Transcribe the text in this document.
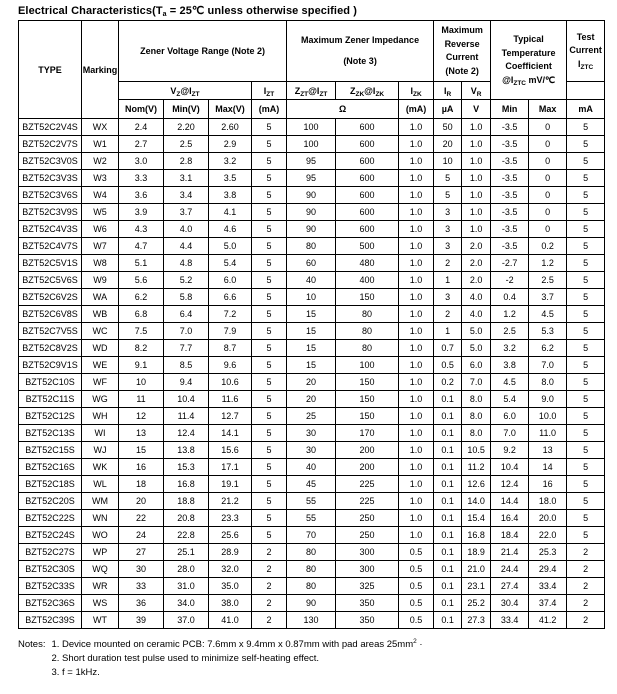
Electrical $Characteristics(T_a$ = 25℃ unless otherwise specified )
TYPE	Marking	Zener Voltage Range (Note 2)	
Maximum Zener Impedance
(Note 3)

Maximum
Reverse
Current
(Note 2)

Typical
Temperature
Coefficient
$@I_{ZTC}$ mV/℃

Test
Current
$I_{ZTC}$

		$V_Z@I_{ZT}$			$I_{ZT}$	$Z_{ZT}@I_{ZT}$	$Z_{ZK}@I_{ZK}$	$I_{ZK}$	$I_R$	$V_R$	
		Nom(V)	Min(V)	Max(V)	(mA)	Ω		(mA)	µA	V	Min	Max	mA
BZT52C2V4S	WX	2.4	2.20	2.60	5	100	600	1.0	50	1.0	-3.5	0	5
BZT52C2V7S	W1	2.7	2.5	2.9	5	100	600	1.0	20	1.0	-3.5	0	5
BZT52C3V0S	W2	3.0	2.8	3.2	5	95	600	1.0	10	1.0	-3.5	0	5
BZT52C3V3S	W3	3.3	3.1	3.5	5	95	600	1.0	5	1.0	-3.5	0	5
BZT52C3V6S	W4	3.6	3.4	3.8	5	90	600	1.0	5	1.0	-3.5	0	5
BZT52C3V9S	W5	3.9	3.7	4.1	5	90	600	1.0	3	1.0	-3.5	0	5
BZT52C4V3S	W6	4.3	4.0	4.6	5	90	600	1.0	3	1.0	-3.5	0	5
BZT52C4V7S	W7	4.7	4.4	5.0	5	80	500	1.0	3	2.0	-3.5	0.2	5
BZT52C5V1S	W8	5.1	4.8	5.4	5	60	480	1.0	2	2.0	-2.7	1.2	5
BZT52C5V6S	W9	5.6	5.2	6.0	5	40	400	1.0	1	2.0	-2	2.5	5
BZT52C6V2S	WA	6.2	5.8	6.6	5	10	150	1.0	3	4.0	0.4	3.7	5
BZT52C6V8S	WB	6.8	6.4	7.2	5	15	80	1.0	2	4.0	1.2	4.5	5
BZT52C7V5S	WC	7.5	7.0	7.9	5	15	80	1.0	1	5.0	2.5	5.3	5
BZT52C8V2S	WD	8.2	7.7	8.7	5	15	80	1.0	0.7	5.0	3.2	6.2	5
BZT52C9V1S	WE	9.1	8.5	9.6	5	15	100	1.0	0.5	6.0	3.8	7.0	5
BZT52C10S	WF	10	9.4	10.6	5	20	150	1.0	0.2	7.0	4.5	8.0	5
BZT52C11S	WG	11	10.4	11.6	5	20	150	1.0	0.1	8.0	5.4	9.0	5
BZT52C12S	WH	12	11.4	12.7	5	25	150	1.0	0.1	8.0	6.0	10.0	5
BZT52C13S	WI	13	12.4	14.1	5	30	170	1.0	0.1	8.0	7.0	11.0	5
BZT52C15S	WJ	15	13.8	15.6	5	30	200	1.0	0.1	10.5	9.2	13	5
BZT52C16S	WK	16	15.3	17.1	5	40	200	1.0	0.1	11.2	10.4	14	5
BZT52C18S	WL	18	16.8	19.1	5	45	225	1.0	0.1	12.6	12.4	16	5
BZT52C20S	WM	20	18.8	21.2	5	55	225	1.0	0.1	14.0	14.4	18.0	5
BZT52C22S	WN	22	20.8	23.3	5	55	250	1.0	0.1	15.4	16.4	20.0	5
BZT52C24S	WO	24	22.8	25.6	5	70	250	1.0	0.1	16.8	18.4	22.0	5
BZT52C27S	WP	27	25.1	28.9	2	80	300	0.5	0.1	18.9	21.4	25.3	2
BZT52C30S	WQ	30	28.0	32.0	2	80	300	0.5	0.1	21.0	24.4	29.4	2
BZT52C33S	WR	33	31.0	35.0	2	80	325	0.5	0.1	23.1	27.4	33.4	2
BZT52C36S	WS	36	34.0	38.0	2	90	350	0.5	0.1	25.2	30.4	37.4	2
BZT52C39S	WT	39	37.0	41.0	2	130	350	0.5	0.1	27.3	33.4	41.2	2
Notes: 1. Device mounted on ceramic PCB: 7.6mm x 9.4mm x 0.87mm with pad areas $25mm^2$ ·
2. Short duration test pulse used to minimize self-heating effect.
3. f = 1kHz.
